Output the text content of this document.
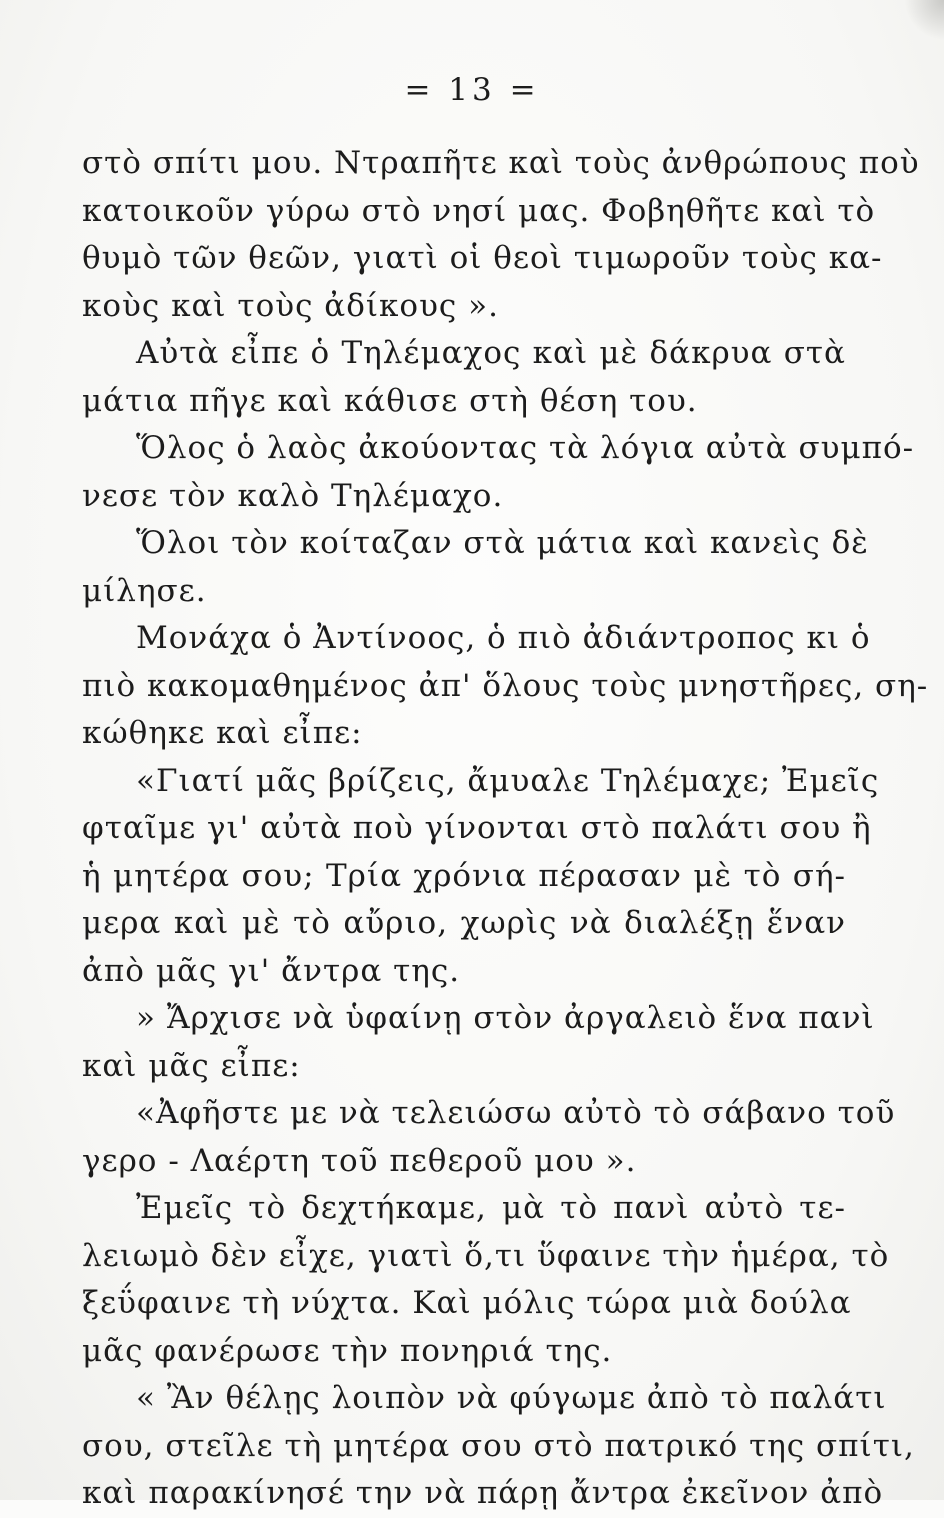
= 13 =
στὸ σπίτι μου. Ντραπῆτε καὶ τοὺς ἀνθρώπους ποὺ
κατοικοῦν γύρω στὸ νησί μας. Φοβηθῆτε καὶ τὸ
θυμὸ τῶν θεῶν, γιατὶ οἱ θεοὶ τιμωροῦν τοὺς κα-
κοὺς καὶ τοὺς ἀδίκους ».
Αὐτὰ εἶπε ὁ Τηλέμαχος καὶ μὲ δάκρυα στὰ
μάτια πῆγε καὶ κάθισε στὴ θέση του.
Ὅλος ὁ λαὸς ἀκούοντας τὰ λόγια αὐτὰ συμπό-
νεσε τὸν καλὸ Τηλέμαχο.
Ὅλοι τὸν κοίταζαν στὰ μάτια καὶ κανεὶς δὲ
μίλησε.
Μονάχα ὁ Ἀντίνοος, ὁ πιὸ ἀδιάντροπος κι ὁ
πιὸ κακομαθημένος ἀπ' ὅλους τοὺς μνηστῆρες, ση-
κώθηκε καὶ εἶπε:
«Γιατί μᾶς βρίζεις, ἄμυαλε Τηλέμαχε; Ἐμεῖς
φταῖμε γι' αὐτὰ ποὺ γίνονται στὸ παλάτι σου ἢ
ἡ μητέρα σου; Τρία χρόνια πέρασαν μὲ τὸ σή-
μερα καὶ μὲ τὸ αὔριο, χωρὶς νὰ διαλέξῃ ἕναν
ἀπὸ μᾶς γι' ἄντρα της.
» Ἄρχισε νὰ ὑφαίνῃ στὸν ἀργαλειὸ ἕνα πανὶ
καὶ μᾶς εἶπε:
«Ἀφῆστε με νὰ τελειώσω αὐτὸ τὸ σάβανο τοῦ
γερο - Λαέρτη τοῦ πεθεροῦ μου ».
Ἐμεῖς τὸ δεχτήκαμε, μὰ τὸ πανὶ αὐτὸ τε-
λειωμὸ δὲν εἶχε, γιατὶ ὅ,τι ὕφαινε τὴν ἡμέρα, τὸ
ξεΰφαινε τὴ νύχτα. Καὶ μόλις τώρα μιὰ δούλα
μᾶς φανέρωσε τὴν πονηριά της.
« Ἂν θέλῃς λοιπὸν νὰ φύγωμε ἀπὸ τὸ παλάτι
σου, στεῖλε τὴ μητέρα σου στὸ πατρικό της σπίτι,
καὶ παρακίνησέ την νὰ πάρῃ ἄντρα ἐκεῖνον ἀπὸ
